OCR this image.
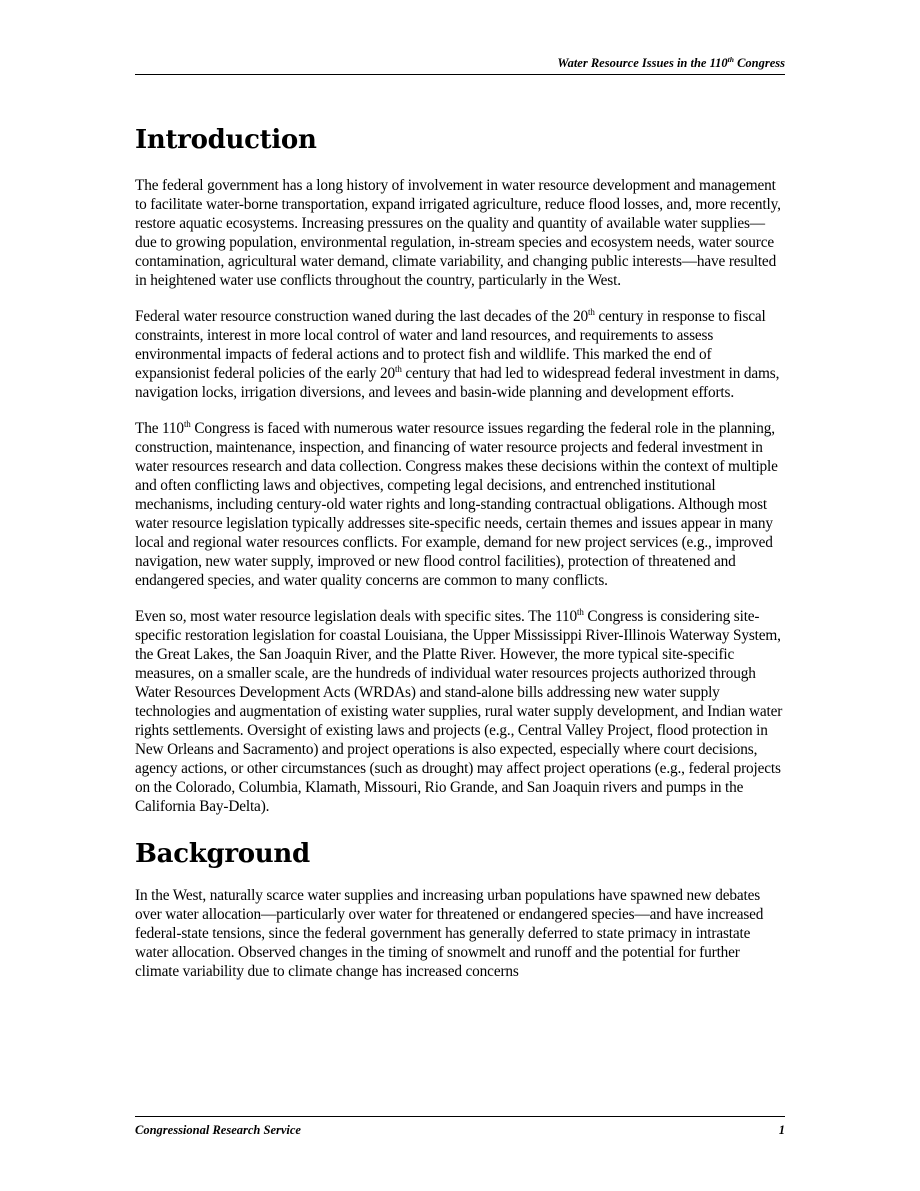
Water Resource Issues in the 110th Congress
Introduction

The federal government has a long history of involvement in water resource development and management to facilitate water-borne transportation, expand irrigated agriculture, reduce flood losses, and, more recently, restore aquatic ecosystems. Increasing pressures on the quality and quantity of available water supplies—due to growing population, environmental regulation, in-stream species and ecosystem needs, water source contamination, agricultural water demand, climate variability, and changing public interests—have resulted in heightened water use conflicts throughout the country, particularly in the West.

Federal water resource construction waned during the last decades of the 20th century in response to fiscal constraints, interest in more local control of water and land resources, and requirements to assess environmental impacts of federal actions and to protect fish and wildlife. This marked the end of expansionist federal policies of the early 20th century that had led to widespread federal investment in dams, navigation locks, irrigation diversions, and levees and basin-wide planning and development efforts.

The 110th Congress is faced with numerous water resource issues regarding the federal role in the planning, construction, maintenance, inspection, and financing of water resource projects and federal investment in water resources research and data collection. Congress makes these decisions within the context of multiple and often conflicting laws and objectives, competing legal decisions, and entrenched institutional mechanisms, including century-old water rights and long-standing contractual obligations. Although most water resource legislation typically addresses site-specific needs, certain themes and issues appear in many local and regional water resources conflicts. For example, demand for new project services (e.g., improved navigation, new water supply, improved or new flood control facilities), protection of threatened and endangered species, and water quality concerns are common to many conflicts.

Even so, most water resource legislation deals with specific sites. The 110th Congress is considering site-specific restoration legislation for coastal Louisiana, the Upper Mississippi River-Illinois Waterway System, the Great Lakes, the San Joaquin River, and the Platte River. However, the more typical site-specific measures, on a smaller scale, are the hundreds of individual water resources projects authorized through Water Resources Development Acts (WRDAs) and stand-alone bills addressing new water supply technologies and augmentation of existing water supplies, rural water supply development, and Indian water rights settlements. Oversight of existing laws and projects (e.g., Central Valley Project, flood protection in New Orleans and Sacramento) and project operations is also expected, especially where court decisions, agency actions, or other circumstances (such as drought) may affect project operations (e.g., federal projects on the Colorado, Columbia, Klamath, Missouri, Rio Grande, and San Joaquin rivers and pumps in the California Bay-Delta).

Background

In the West, naturally scarce water supplies and increasing urban populations have spawned new debates over water allocation—particularly over water for threatened or endangered species—and have increased federal-state tensions, since the federal government has generally deferred to state primacy in intrastate water allocation. Observed changes in the timing of snowmelt and runoff and the potential for further climate variability due to climate change has increased concerns

Congressional Research Service	1
